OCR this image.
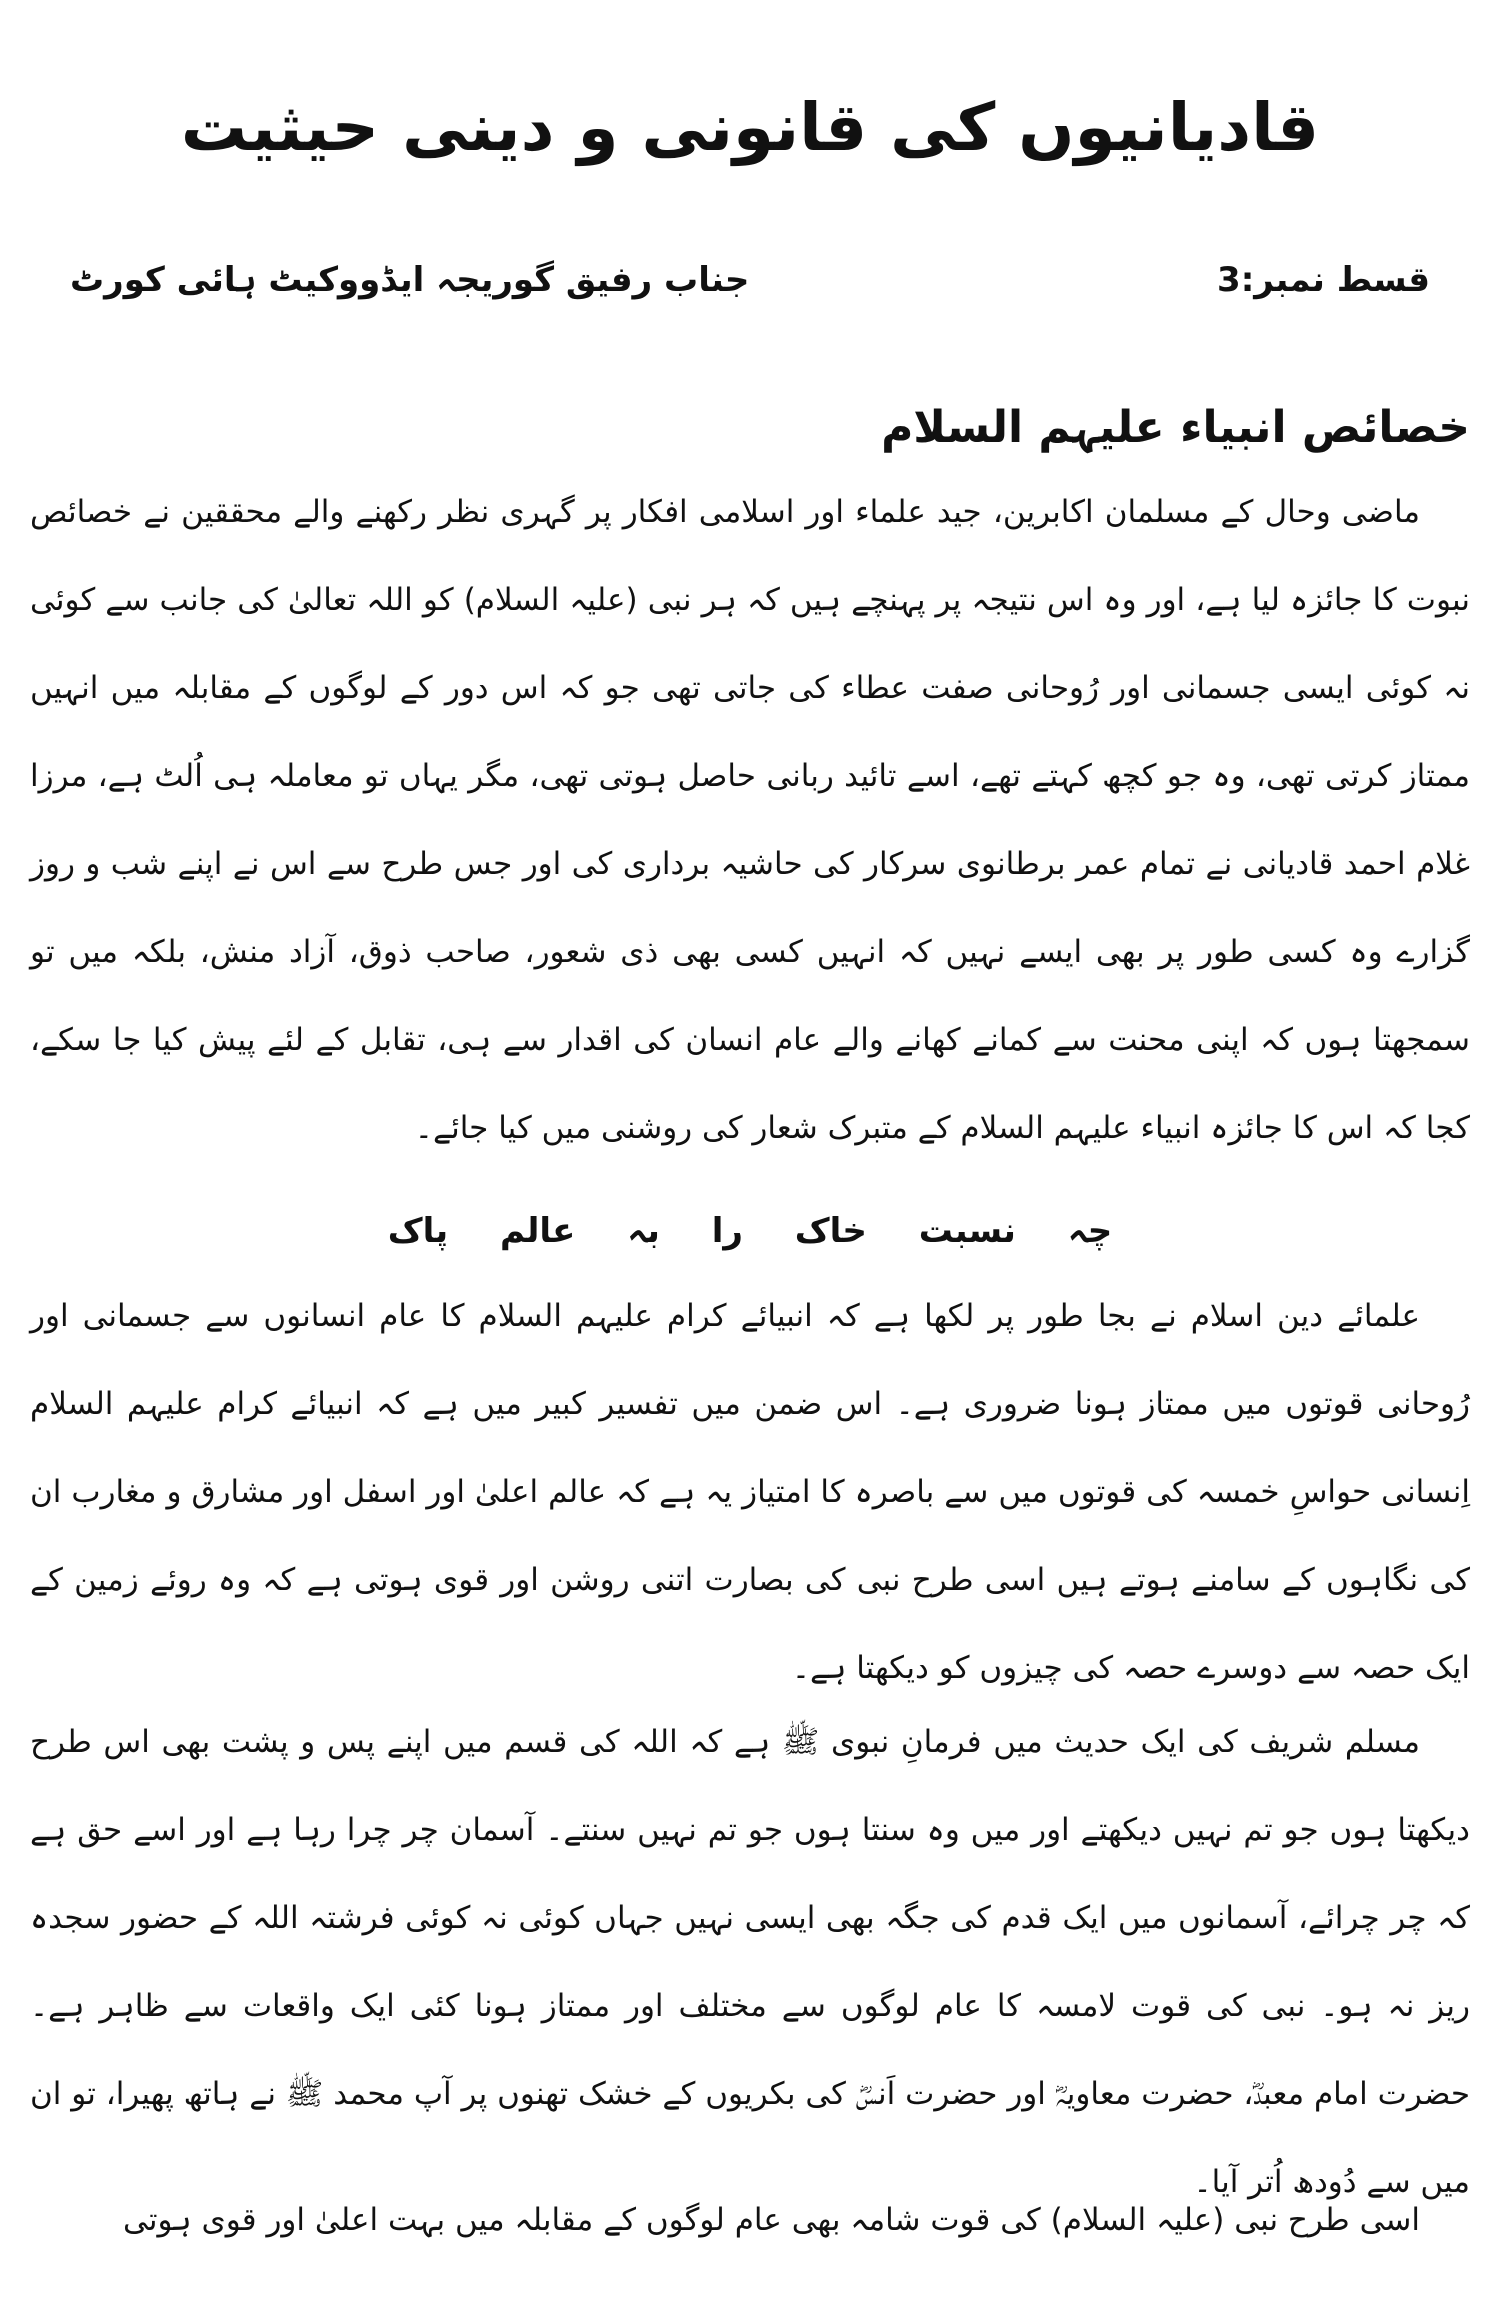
قادیانیوں کی قانونی و دینی حیثیت
قسط نمبر:3
جناب رفیق گوریجہ ایڈووکیٹ ہائی کورٹ
خصائص انبیاء علیہم السلام

ماضی وحال کے مسلمان اکابرین، جید علماء اور اسلامی افکار پر گہری نظر رکھنے والے محققین نے خصائص نبوت کا جائزہ لیا ہے، اور وہ اس نتیجہ پر پہنچے ہیں کہ ہر نبی (علیہ السلام) کو اللہ تعالیٰ کی جانب سے کوئی نہ کوئی ایسی جسمانی اور رُوحانی صفت عطاء کی جاتی تھی جو کہ اس دور کے لوگوں کے مقابلہ میں انہیں ممتاز کرتی تھی، وہ جو کچھ کہتے تھے، اسے تائید ربانی حاصل ہوتی تھی، مگر یہاں تو معاملہ ہی اُلٹ ہے، مرزا غلام احمد قادیانی نے تمام عمر برطانوی سرکار کی حاشیہ برداری کی اور جس طرح سے اس نے اپنے شب و روز گزارے وہ کسی طور پر بھی ایسے نہیں کہ انہیں کسی بھی ذی شعور، صاحب ذوق، آزاد منش، بلکہ میں تو سمجھتا ہوں کہ اپنی محنت سے کمانے کھانے والے عام انسان کی اقدار سے ہی، تقابل کے لئے پیش کیا جا سکے، کجا کہ اس کا جائزہ انبیاء علیہم السلام کے متبرک شعار کی روشنی میں کیا جائے۔

چہ نسبت خاک را بہ عالم پاک

علمائے دین اسلام نے بجا طور پر لکھا ہے کہ انبیائے کرام علیہم السلام کا عام انسانوں سے جسمانی اور رُوحانی قوتوں میں ممتاز ہونا ضروری ہے۔ اس ضمن میں تفسیر کبیر میں ہے کہ انبیائے کرام علیہم السلام اِنسانی حواسِ خمسہ کی قوتوں میں سے باصرہ کا امتیاز یہ ہے کہ عالم اعلیٰ اور اسفل اور مشارق و مغارب ان کی نگاہوں کے سامنے ہوتے ہیں اسی طرح نبی کی بصارت اتنی روشن اور قوی ہوتی ہے کہ وہ روئے زمین کے ایک حصہ سے دوسرے حصہ کی چیزوں کو دیکھتا ہے۔

مسلم شریف کی ایک حدیث میں فرمانِ نبوی ﷺ ہے کہ اللہ کی قسم میں اپنے پس و پشت بھی اس طرح دیکھتا ہوں جو تم نہیں دیکھتے اور میں وہ سنتا ہوں جو تم نہیں سنتے۔ آسمان چر چرا رہا ہے اور اسے حق ہے کہ چر چرائے، آسمانوں میں ایک قدم کی جگہ بھی ایسی نہیں جہاں کوئی نہ کوئی فرشتہ اللہ کے حضور سجدہ ریز نہ ہو۔ نبی کی قوت لامسہ کا عام لوگوں سے مختلف اور ممتاز ہونا کئی ایک واقعات سے ظاہر ہے۔ حضرت امام معبدؓ، حضرت معاویہؓ اور حضرت اَنسؓ کی بکریوں کے خشک تھنوں پر آپ محمد ﷺ نے ہاتھ پھیرا، تو ان میں سے دُودھ اُتر آیا۔

اسی طرح نبی (علیہ السلام) کی قوت شامہ بھی عام لوگوں کے مقابلہ میں بہت اعلیٰ اور قوی ہوتی
